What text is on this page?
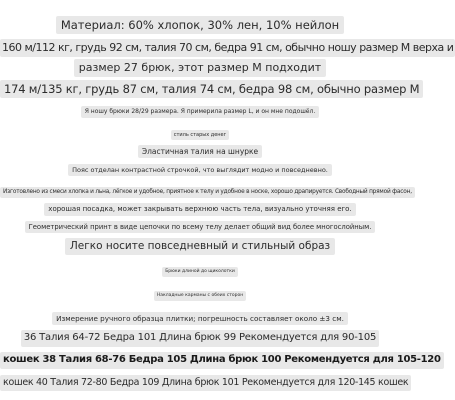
Материал: 60% хлопок, 30% лен, 10% нейлон
160 м/112 кг, грудь 92 см, талия 70 см, бедра 91 см, обычно ношу размер M верха и
размер 27 брюк, этот размер M подходит
174 м/135 кг, грудь 87 см, талия 74 см, бедра 98 см, обычно размер M
Я ношу брюки 28/29 размера. Я примерила размер L, и он мне подошёл.
стиль старых денег
Эластичная талия на шнурке
Пояс отделан контрастной строчкой, что выглядит модно и повседневно.
Изготовлено из смеси хлопка и льна, лёгкое и удобное, приятное к телу и удобное в носке, хорошо драпируется. Свободный прямой фасон,
хорошая посадка, может закрывать верхнюю часть тела, визуально уточняя его.
Геометрический принт в виде цепочки по всему телу делает общий вид более многослойным.
Легко носите повседневный и стильный образ
Брюки длиной до щиколотки
Накладные карманы с обеих сторон
Измерение ручного образца плитки; погрешность составляет около ±3 см.
36 Талия 64-72 Бедра 101 Длина брюк 99 Рекомендуется для 90-105
кошек 38 Талия 68-76 Бедра 105 Длина брюк 100 Рекомендуется для 105-120
кошек 40 Талия 72-80 Бедра 109 Длина брюк 101 Рекомендуется для 120-145 кошек
